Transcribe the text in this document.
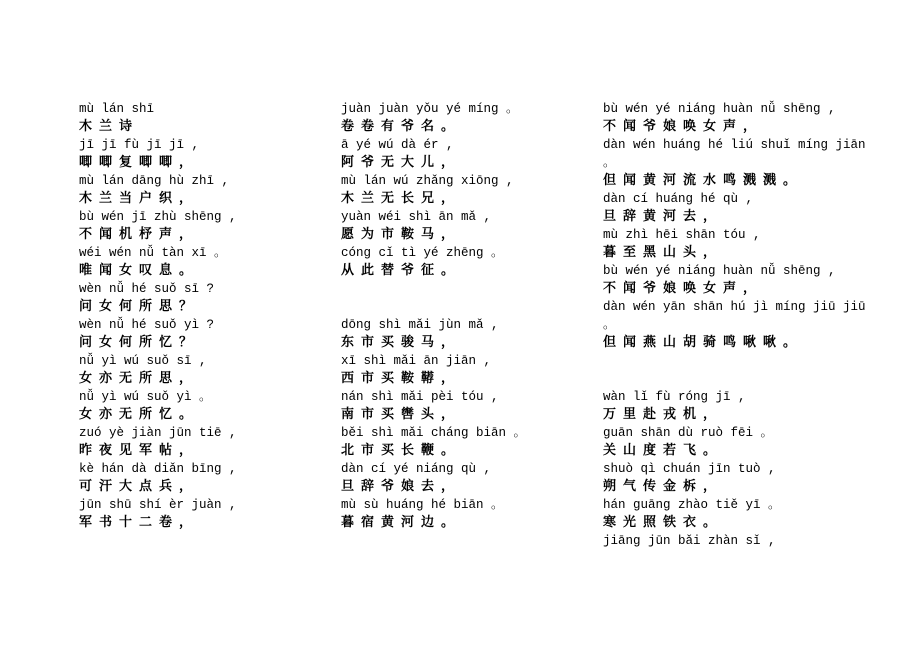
mù lán shī
木兰诗
jī jī fù jī jī ,
唧唧复唧唧，
mù lán dāng hù zhī ,
木兰当户织，
bù wén jī zhù shēng ,
不闻机杼声，
wéi wén nǚ tàn xī 。
唯闻女叹息。
wèn nǚ hé suǒ sī ?
问女何所思？
wèn nǚ hé suǒ yì ?
问女何所忆？
nǚ yì wú suǒ sī ,
女亦无所思，
nǚ yì wú suǒ yì 。
女亦无所忆。
zuó yè jiàn jūn tiē ,
昨夜见军帖，
kè hán dà diǎn bīng ,
可汗大点兵，
jūn shū shí èr juàn ,
军书十二卷，
juàn juàn yǒu yé míng 。
卷卷有爷名。
ā yé wú dà ér ,
阿爷无大儿，
mù lán wú zhǎng xiōng ,
木兰无长兄，
yuàn wéi shì ān mǎ ,
愿为市鞍马，
cóng cǐ tì yé zhēng 。
从此替爷征。
dōng shì mǎi jùn mǎ ,
东市买骏马，
xī shì mǎi ān jiān ,
西市买鞍鞯，
nán shì mǎi pèi tóu ,
南市买辔头，
běi shì mǎi cháng biān 。
北市买长鞭。
dàn cí yé niáng qù ,
旦辞爷娘去，
mù sù huáng hé biān 。
暮宿黄河边。
bù wén yé niáng huàn nǚ shēng ,
不闻爷娘唤女声，
dàn wén huáng hé liú shuǐ míng jiān
。
但闻黄河流水鸣溅溅。
dàn cí huáng hé qù ,
旦辞黄河去，
mù zhì hēi shān tóu ,
暮至黑山头，
bù wén yé niáng huàn nǚ shēng ,
不闻爷娘唤女声，
dàn wén yān shān hú jì míng jiū jiū
。
但闻燕山胡骑鸣啾啾。
wàn lǐ fù róng jī ,
万里赴戎机，
guān shān dù ruò fēi 。
关山度若飞。
shuò qì chuán jīn tuò ,
朔气传金柝，
hán guāng zhào tiě yī 。
寒光照铁衣。
jiāng jūn bǎi zhàn sǐ ,
